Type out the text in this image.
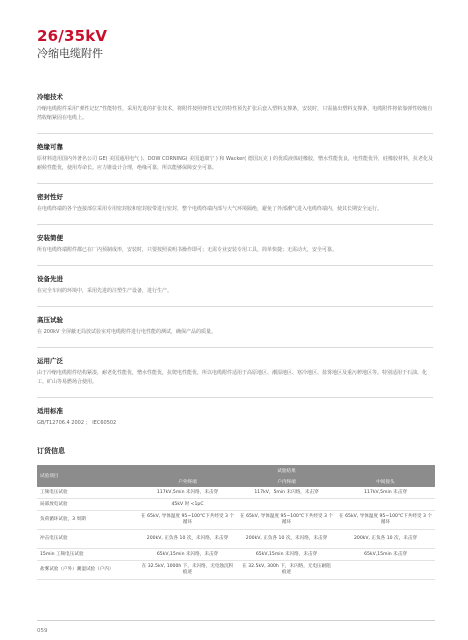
26/35kV
冷缩电缆附件

冷缩技术

冷缩电缆附件采用“弹性记忆”性能特性，采用先进的扩张技术，将附件按照弹性记忆的特性预先扩张后套入塑料支撑条，安装时，只需抽出塑料支撑条，电缆附件将依靠弹性收缩自然收缩紧固在电缆上。

绝缘可靠

原材料选用国内外著名公司 GE( 美国通用电气 )、DOW CORNING( 美国道康宁 ) 和 Wacker( 德国瓦克 ) 的优质液体硅橡胶，憎水性能优良，电性能优异，硅橡胶材料，抗老化及耐候性能优，使用寿命长。应力锥设计合理，绝缘可靠，所以能够保障安全可靠。

密封性好

在电缆终端的各个连接部位采用专用密封胶和密封胶带进行密封，整个电缆终端内部与大气环境隔绝，避免了外部潮气进入电缆终端内，使其长期安全运行。

安装简便

所有电缆终端附件都已在厂内预制成形，安装时，只要按照说明书操作即可；无需专业安装专用工具，简单快捷；无需动火，安全可靠。

设备先进

在完全车间的环境中，采用先进的注塑生产设备，进行生产。

高压试验

在 200kV 全屏蔽无局放试验室对电缆附件进行电性能的测试，确保产品的质量。

运用广泛

由于冷缩电缆附件结构紧凑，耐老化性能优，憎水性能优，抗爬电性能优，所以电缆附件适用于高原地区、潮湿地区、寒冷地区、盐雾地区及重污秽地区等。特别适用于石油、化工、矿山等易燃场合使用。

适用标准

GB/T12706.4 2002 ； IEC60502

订货信息
试验项目	试验结果		
	户外终端	户内终端	中间接头
工频电压试验	117kV,5min 未闪络，未击穿	117kV，5min 未闪络，未击穿	117kV,5min 未击穿
局部放电试验	45kV 时 <1pC		
负荷循环试验，3 周期	在 65kV, 导体温度 95~100℃下共经受 3 个循环	在 65kV, 导体温度 95~100℃下共经受 3 个循环	在 65kV, 导体温度 95~100℃下共经受 3 个循环
冲击电压试验	200kV, 正负各 10 次，未闪络，未击穿	200kV, 正负各 10 次，未闪络，未击穿	200kV, 正负各 10 次，未击穿
15min 工频电压试验	65kV,15min 未闪络，未击穿	65kV,15min 未闪络，未击穿	65kV,15min 未击穿
盐雾试验（户外）潮湿试验（户内）	在 32.5kV, 1000h 下，未闪络，无电蚀沉积痕迹	在 32.5kV, 300h 下，未闪络，无电压耐阻痕迹	
059
